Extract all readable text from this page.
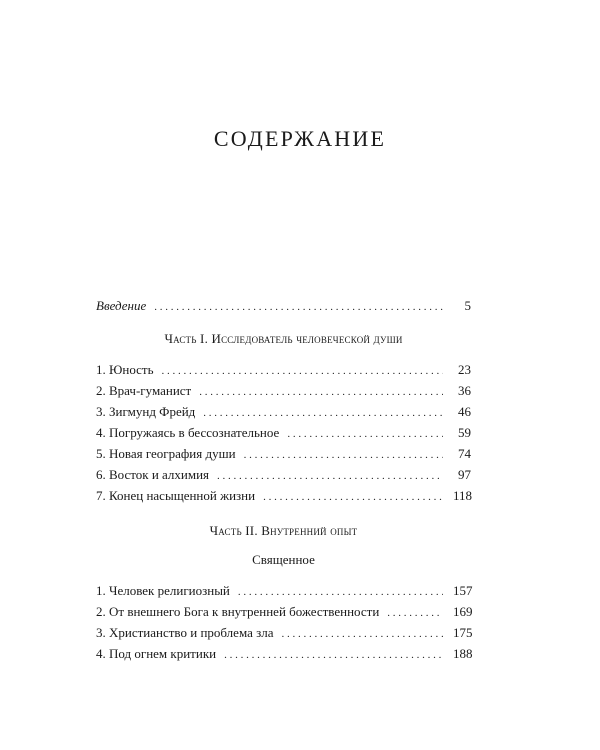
СОДЕРЖАНИЕ
Введение . . .	5
Часть I. Исследователь человеческой души
1. Юность . . .	23
2. Врач-гуманист . . .	36
3. Зигмунд Фрейд . . .	46
4. Погружаясь в бессознательное . . .	59
5. Новая география души . . .	74
6. Восток и алхимия . . .	97
7. Конец насыщенной жизни . . .	118
Часть II. Внутренний опыт
Священное
1. Человек религиозный . . .	157
2. От внешнего Бога к внутренней божественности . . .	169
3. Христианство и проблема зла . . .	175
4. Под огнем критики . . .	188
